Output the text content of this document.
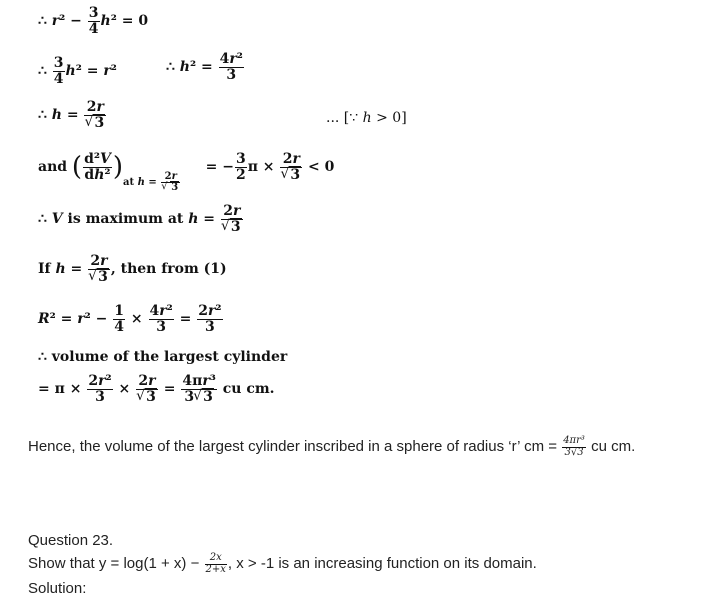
∴ $r^2 - \frac{3}{4} h^2 = 0$
∴ $\frac{3}{4} h^2 = r^2$	∴ $h^2 = \frac{\text{4r²}}{3}$
∴ h = 2r
√ 3	... [∵ h > 0]
and ( $\frac{\text{d²V}}{\text{dh²}} )_{at h = 2r √ 3}$
= − $\frac{3}{2}$ π × 2r
√ 3 < 0
∴ V is maximum at h = 2r
√ 3
If h = 2r
√ 3 , then from (1)
$R^2 = r^2 - \frac{1}{4} \times \frac{\text{4r²}}{3} = \frac{\text{2r²}}{3}$
∴ volume of the largest cylinder
= $\pi \times \frac{\text{2r²}}{3} \times 2r$
√ $3 = \frac{\text{4πr³}}{3√ 3}$ cu cm.
Hence, the volume of the largest cylinder inscribed in a sphere of radius ‘r’ cm = $\frac{\text{4πr³}}{3√3}$ cu cm.
Question 23.
Show that $y = \log(1 + x) - \frac{2x}{2+x}$ , x > -1 is an increasing function on its domain.
Solution:
